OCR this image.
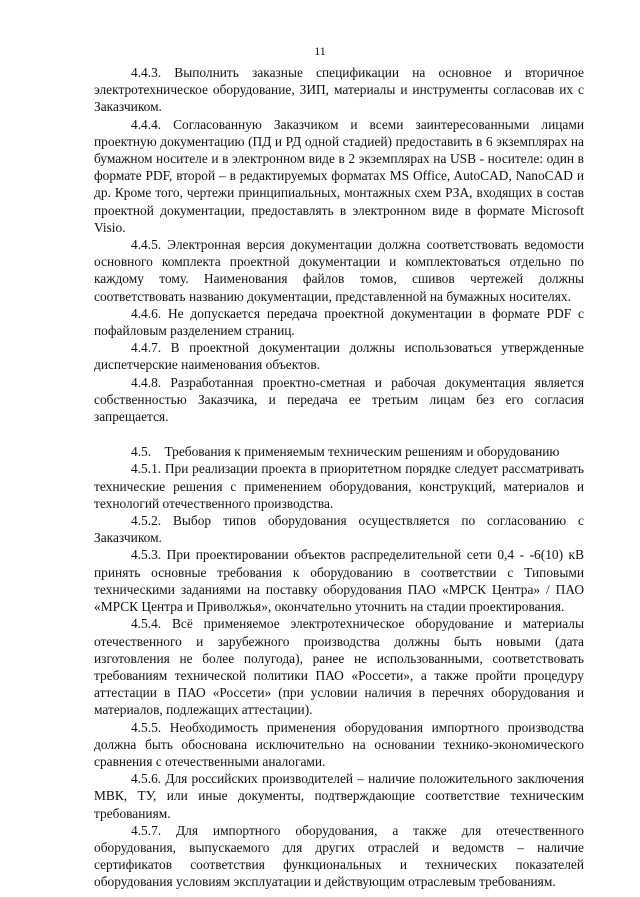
11

4.4.3. Выполнить заказные спецификации на основное и вторичное электротехническое оборудование, ЗИП, материалы и инструменты согласовав их с Заказчиком.

4.4.4. Согласованную Заказчиком и всеми заинтересованными лицами проектную документацию (ПД и РД одной стадией) предоставить в 6 экземплярах на бумажном носителе и в электронном виде в 2 экземплярах на USB - носителе: один в формате PDF, второй – в редактируемых форматах MS Office, AutoCAD, NanoCAD и др. Кроме того, чертежи принципиальных, монтажных схем РЗА, входящих в состав проектной документации, предоставлять в электронном виде в формате Microsoft Visio.

4.4.5. Электронная версия документации должна соответствовать ведомости основного комплекта проектной документации и комплектоваться отдельно по каждому тому. Наименования файлов томов, сшивов чертежей должны соответствовать названию документации, представленной на бумажных носителях.

4.4.6. Не допускается передача проектной документации в формате PDF с пофайловым разделением страниц.

4.4.7. В проектной документации должны использоваться утвержденные диспетчерские наименования объектов.

4.4.8. Разработанная проектно-сметная и рабочая документация является собственностью Заказчика, и передача ее третьим лицам без его согласия запрещается.

4.5. Требования к применяемым техническим решениям и оборудованию

4.5.1. При реализации проекта в приоритетном порядке следует рассматривать технические решения с применением оборудования, конструкций, материалов и технологий отечественного производства.

4.5.2. Выбор типов оборудования осуществляется по согласованию с Заказчиком.

4.5.3. При проектировании объектов распределительной сети 0,4 - -6(10) кВ принять основные требования к оборудованию в соответствии с Типовыми техническими заданиями на поставку оборудования ПАО «МРСК Центра» / ПАО «МРСК Центра и Приволжья», окончательно уточнить на стадии проектирования.

4.5.4. Всё применяемое электротехническое оборудование и материалы отечественного и зарубежного производства должны быть новыми (дата изготовления не более полугода), ранее не использованными, соответствовать требованиям технической политики ПАО «Россети», а также пройти процедуру аттестации в ПАО «Россети» (при условии наличия в перечнях оборудования и материалов, подлежащих аттестации).

4.5.5. Необходимость применения оборудования импортного производства должна быть обоснована исключительно на основании технико-экономического сравнения с отечественными аналогами.

4.5.6. Для российских производителей – наличие положительного заключения МВК, ТУ, или иные документы, подтверждающие соответствие техническим требованиям.

4.5.7. Для импортного оборудования, а также для отечественного оборудования, выпускаемого для других отраслей и ведомств – наличие сертификатов соответствия функциональных и технических показателей оборудования условиям эксплуатации и действующим отраслевым требованиям.
